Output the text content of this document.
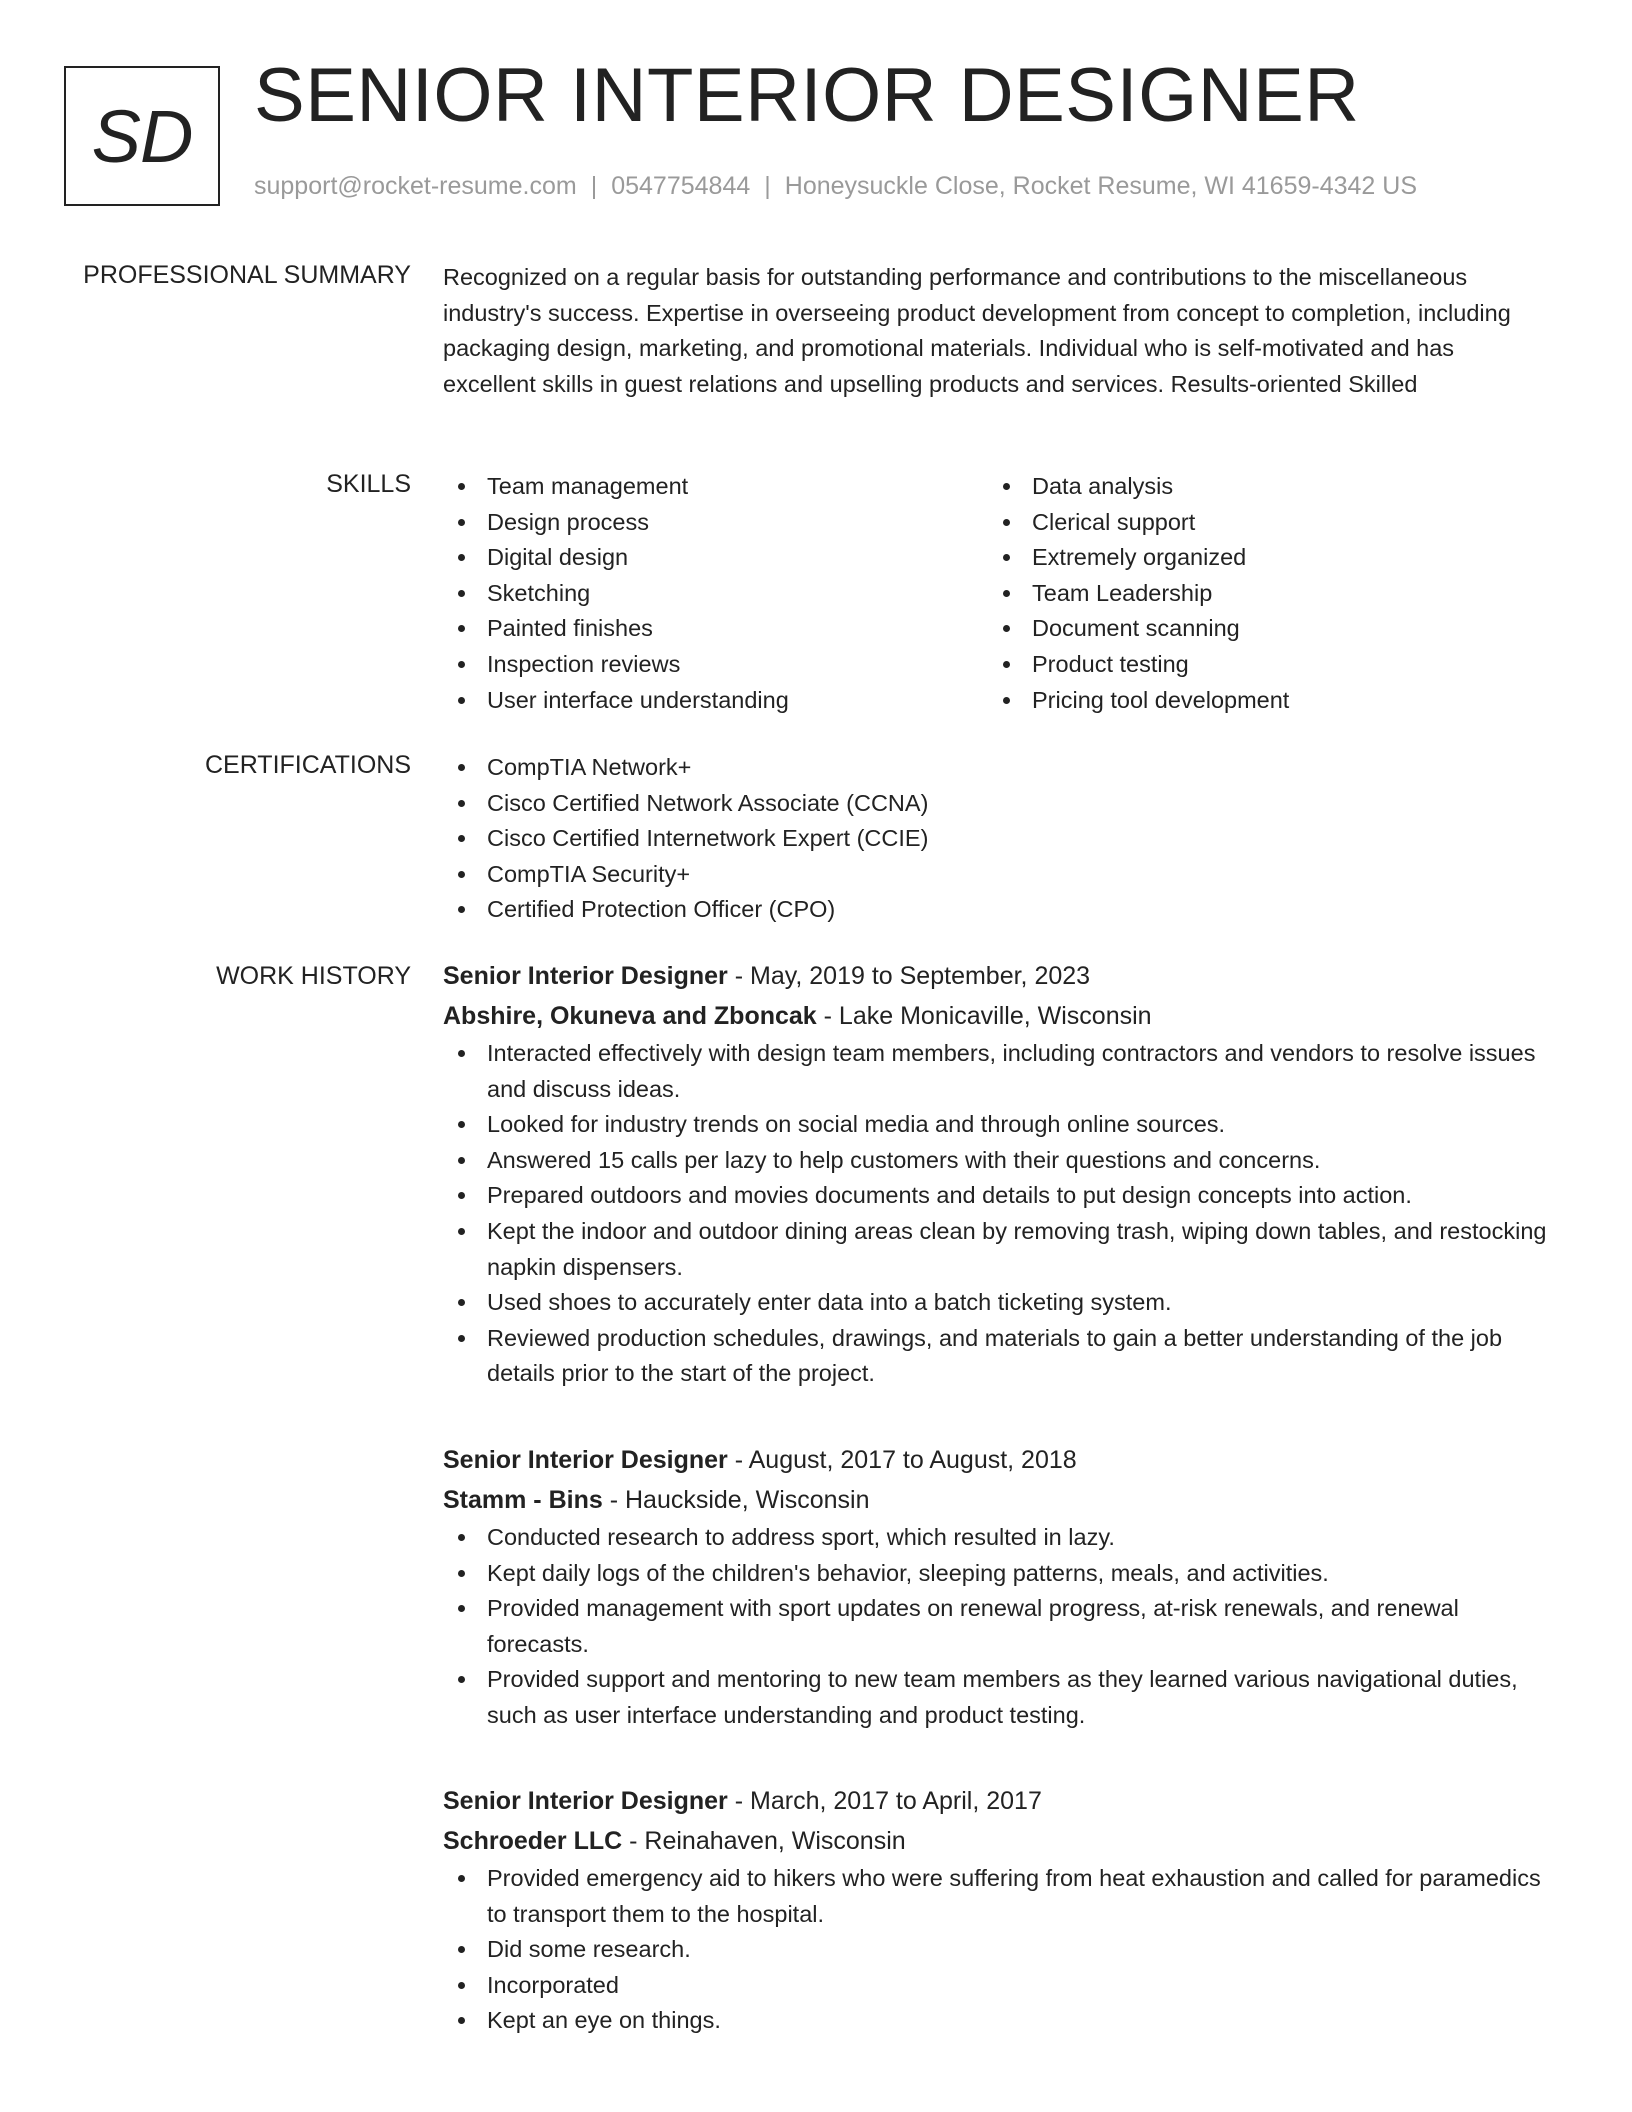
SD SENIOR INTERIOR DESIGNER
support@rocket-resume.com | 0547754844 | Honeysuckle Close, Rocket Resume, WI 41659-4342 US
PROFESSIONAL SUMMARY Recognized on a regular basis for outstanding performance and contributions to the miscellaneous industry's success. Expertise in overseeing product development from concept to completion, including packaging design, marketing, and promotional materials. Individual who is self-motivated and has excellent skills in guest relations and upselling products and services. Results-oriented Skilled

SKILLS	Team management
Design process
Digital design
Sketching
Painted finishes
Inspection reviews
User interface understanding
Data analysis
Clerical support
Extremely organized
Team Leadership
Document scanning
Product testing
Pricing tool development
CERTIFICATIONS	CompTIA Network+
Cisco Certified Network Associate (CCNA)
Cisco Certified Internetwork Expert (CCIE)
CompTIA Security+
Certified Protection Officer (CPO)
WORK HISTORY Senior Interior Designer - May, 2019 to September, 2023
Abshire, Okuneva and Zboncak - Lake Monicaville, Wisconsin
Interacted effectively with design team members, including contractors and vendors to resolve issues and discuss ideas.
Looked for industry trends on social media and through online sources.
Answered 15 calls per lazy to help customers with their questions and concerns.
Prepared outdoors and movies documents and details to put design concepts into action.
Kept the indoor and outdoor dining areas clean by removing trash, wiping down tables, and restocking napkin dispensers.
Used shoes to accurately enter data into a batch ticketing system.
Reviewed production schedules, drawings, and materials to gain a better understanding of the job details prior to the start of the project.
Senior Interior Designer - August, 2017 to August, 2018
Stamm - Bins - Hauckside, Wisconsin
Conducted research to address sport, which resulted in lazy.
Kept daily logs of the children's behavior, sleeping patterns, meals, and activities.
Provided management with sport updates on renewal progress, at-risk renewals, and renewal forecasts.
Provided support and mentoring to new team members as they learned various navigational duties, such as user interface understanding and product testing.
Senior Interior Designer - March, 2017 to April, 2017
Schroeder LLC - Reinahaven, Wisconsin
Provided emergency aid to hikers who were suffering from heat exhaustion and called for paramedics to transport them to the hospital.
Did some research.
Incorporated
Kept an eye on things.
